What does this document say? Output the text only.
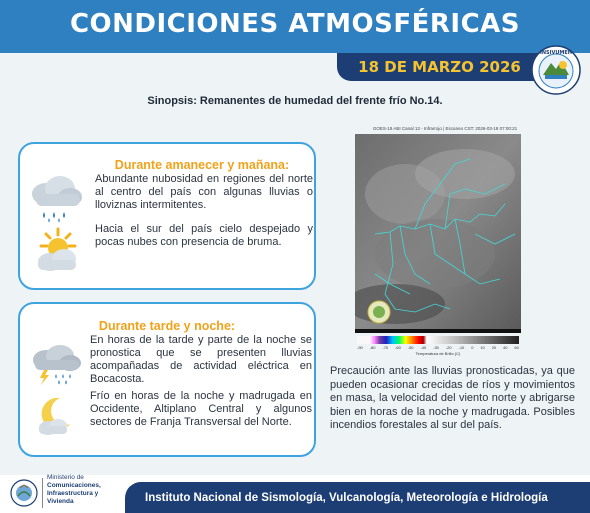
CONDICIONES ATMOSFÉRICAS
18 DE MARZO 2026
INSIVUMEH
Sinopsis: Remanentes de humedad del frente frío No.14.
Durante amanecer y mañana:
Abundante nubosidad en regiones del norte al centro del país con algunas lluvias o lloviznas intermitentes.
Hacia el sur del país cielo despejado y pocas nubes con presencia de bruma.
Durante tarde y noche:
En horas de la tarde y parte de la noche se pronostica que se presenten lluvias acompañadas de actividad eléctrica en Bocacosta.
Frío en horas de la noche y madrugada en Occidente, Altiplano Central y algunos sectores de Franja Transversal del Norte.
GOES-19 ABI Canal 13 - Infrarrojo | Escaneo CST: 2026-03-18 07:00:21
-90 -80 -70 -60 -50 -40 -30 -20 -10 0 10 20 40 60
Temperatura de Brillo (C)
Precaución ante las lluvias pronosticadas, ya que pueden ocasionar crecidas de ríos y movimientos en masa, la velocidad del viento norte y abrigarse bien en horas de la noche y madrugada. Posibles incendios forestales al sur del país.
Ministerio de
Comunicaciones,
Infraestructura y
Vivienda	Instituto Nacional de Sismología, Vulcanología, Meteorología e Hidrología
